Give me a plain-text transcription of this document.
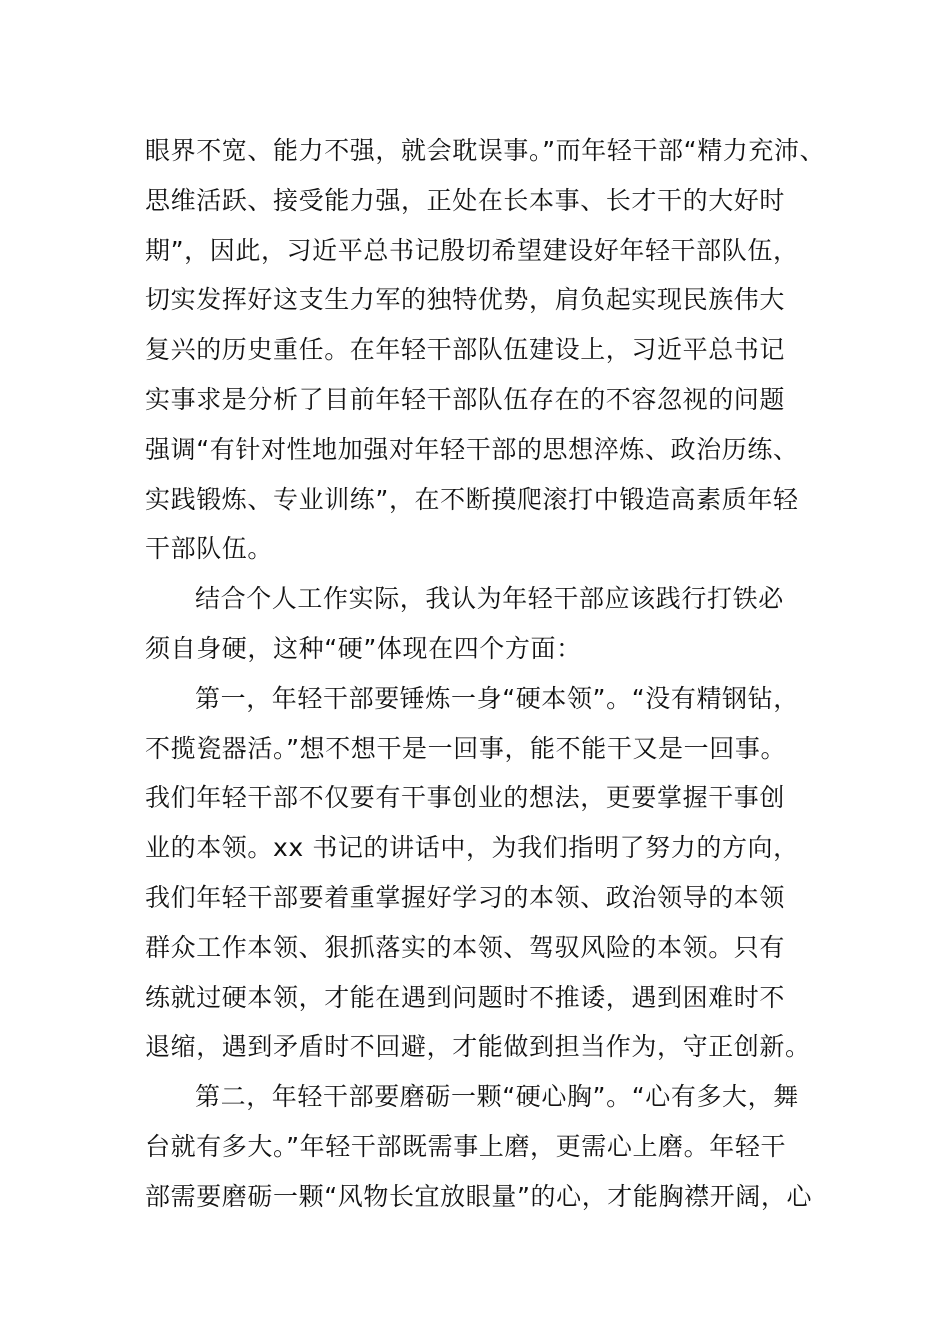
眼界不宽、能力不强，就会耽误事。”而年轻干部“精力充沛、
思维活跃、接受能力强，正处在长本事、长才干的大好时
期”，因此，习近平总书记殷切希望建设好年轻干部队伍，
切实发挥好这支生力军的独特优势，肩负起实现民族伟大
复兴的历史重任。在年轻干部队伍建设上，习近平总书记
实事求是分析了目前年轻干部队伍存在的不容忽视的问题
强调“有针对性地加强对年轻干部的思想淬炼、政治历练、
实践锻炼、专业训练”，在不断摸爬滚打中锻造高素质年轻
干部队伍。
结合个人工作实际，我认为年轻干部应该践行打铁必
须自身硬，这种“硬”体现在四个方面：
第一，年轻干部要锤炼一身“硬本领”。“没有精钢钻，
不揽瓷器活。”想不想干是一回事，能不能干又是一回事。
我们年轻干部不仅要有干事创业的想法，更要掌握干事创
业的本领。xx 书记的讲话中，为我们指明了努力的方向，
我们年轻干部要着重掌握好学习的本领、政治领导的本领
群众工作本领、狠抓落实的本领、驾驭风险的本领。只有
练就过硬本领，才能在遇到问题时不推诿，遇到困难时不
退缩，遇到矛盾时不回避，才能做到担当作为，守正创新。
第二，年轻干部要磨砺一颗“硬心胸”。“心有多大，舞
台就有多大。”年轻干部既需事上磨，更需心上磨。年轻干
部需要磨砺一颗“风物长宜放眼量”的心，才能胸襟开阔，心
